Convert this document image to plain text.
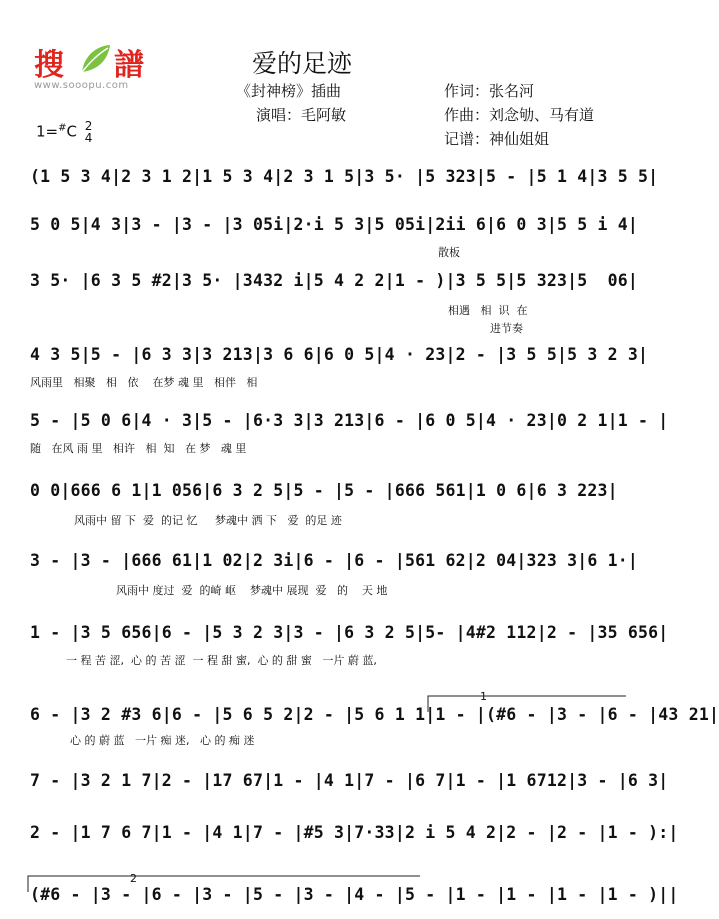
搜 譜
www.sooopu.com
爱的足迹
《封神榜》插曲
演唱：毛阿敏
作词：张名河
作曲：刘念劬、马有道
记谱：神仙姐姐
1=#C 2
4
(1 5 3 4|2 3 1 2|1 5 3 4|2 3 1 5|3 5· |5 323|5 - |5 1 4|3 5 5|
5 0 5|4 3|3 - |3 - |3 05i|2·i 5 3|5 05i|2ii 6|6 0 3|5 5 i 4|
散板
3 5· |6 3 5 #2|3 5· |3432 i|5 4 2 2|1 - )|3 5 5|5 323|5  06|
相遇   相  识  在
进节奏
4 3 5|5 - |6 3 3|3 213|3 6 6|6 0 5|4 · 23|2 - |3 5 5|5 3 2 3|
风雨里   相聚   相   依    在梦 魂 里   相伴   相
5 - |5 0 6|4 · 3|5 - |6·3 3|3 213|6 - |6 0 5|4 · 23|0 2 1|1 - |
随   在风 雨 里   相许   相  知   在 梦   魂 里
0 0|666 6 1|1 056|6 3 2 5|5 - |5 - |666 561|1 0 6|6 3 223|
风雨中 留 下  爱  的记 忆     梦魂中 洒 下   爱  的足 迹
3 - |3 - |666 61|1 02|2 3i|6 - |6 - |561 62|2 04|323 3|6 1·|
风雨中 度过  爱  的崎 岖    梦魂中 展现  爱   的    天 地
1 - |3 5 656|6 - |5 3 2 3|3 - |6 3 2 5|5- |4#2 112|2 - |35 656|
一 程 苦 涩,  心 的 苦 涩  一 程 甜 蜜,  心 的 甜 蜜   一片 蔚 蓝,
6 - |3 2 #3 6|6 - |5 6 5 2|2 - |5 6 1 1|1 - |(#6 - |3 - |6 - |43 21|
心 的 蔚 蓝   一片 痴 迷,   心 的 痴 迷
1
7 - |3 2 1 7|2 - |17 67|1 - |4 1|7 - |6 7|1 - |1 6712|3 - |6 3|
2 - |1 7 6 7|1 - |4 1|7 - |#5 3|7·33|2 i 5 4 2|2 - |2 - |1 - ):|
(#6 - |3 - |6 - |3 - |5 - |3 - |4 - |5 - |1 - |1 - |1 - |1 - )||
2
